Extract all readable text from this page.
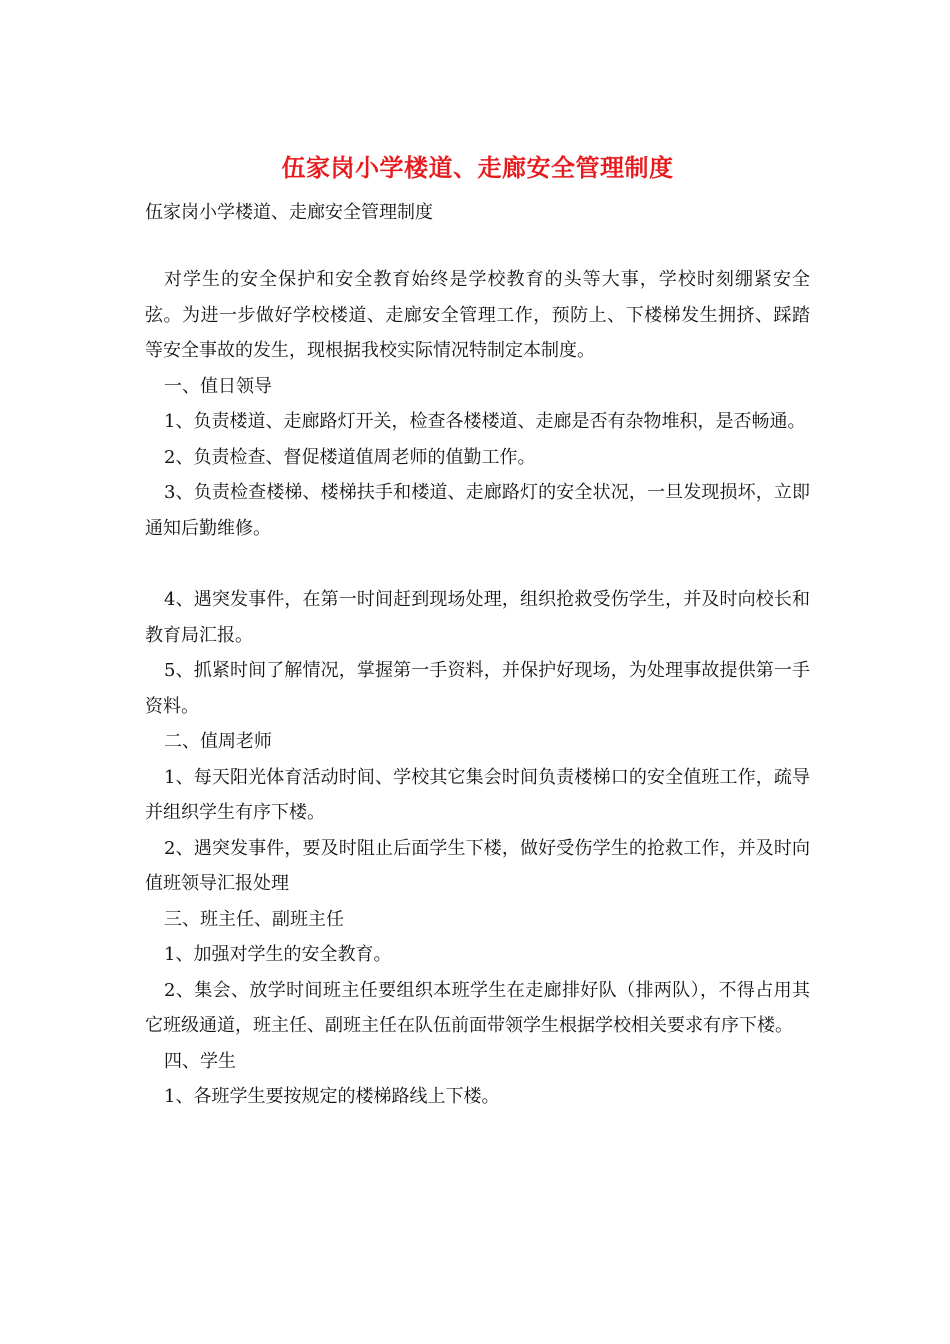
伍家岗小学楼道、走廊安全管理制度

伍家岗小学楼道、走廊安全管理制度

对学生的安全保护和安全教育始终是学校教育的头等大事，学校时刻绷紧安全弦。为进一步做好学校楼道、走廊安全管理工作，预防上、下楼梯发生拥挤、踩踏等安全事故的发生，现根据我校实际情况特制定本制度。

一、值日领导

1、负责楼道、走廊路灯开关，检查各楼楼道、走廊是否有杂物堆积，是否畅通。

2、负责检查、督促楼道值周老师的值勤工作。

3、负责检查楼梯、楼梯扶手和楼道、走廊路灯的安全状况，一旦发现损坏，立即通知后勤维修。

4、遇突发事件，在第一时间赶到现场处理，组织抢救受伤学生，并及时向校长和教育局汇报。

5、抓紧时间了解情况，掌握第一手资料，并保护好现场，为处理事故提供第一手资料。

二、值周老师

1、每天阳光体育活动时间、学校其它集会时间负责楼梯口的安全值班工作，疏导并组织学生有序下楼。

2、遇突发事件，要及时阻止后面学生下楼，做好受伤学生的抢救工作，并及时向值班领导汇报处理

三、班主任、副班主任

1、加强对学生的安全教育。

2、集会、放学时间班主任要组织本班学生在走廊排好队（排两队），不得占用其它班级通道，班主任、副班主任在队伍前面带领学生根据学校相关要求有序下楼。

四、学生

1、各班学生要按规定的楼梯路线上下楼。
